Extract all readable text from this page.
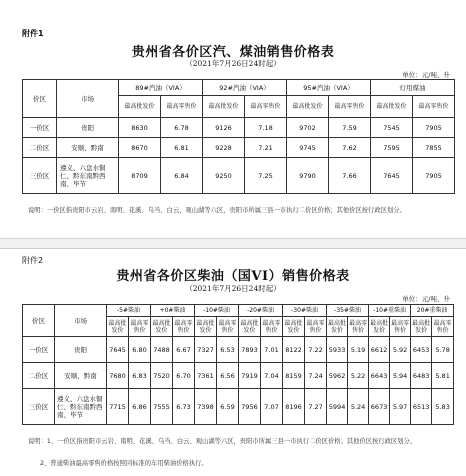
附件1
贵州省各价区汽、煤油销售价格表
（2021年7月26日24时起）
单位：元/吨、升
价区	市场	89#汽油（VIA）		92#汽油（VIA）		95#汽油（VIA）		灯用煤油	
		最高批发价	最高零售价	最高批发价	最高零售价	最高批发价	最高零售价	最高批发价	最高零售价
一价区	贵阳	8630	6.78	9126	7.18	9702	7.59	7545	7905
二价区	安顺、黔南	8670	6.81	9228	7.21	9745	7.62	7595	7855
三价区	遵义、六盘水铜仁、黔东南黔西南、毕节	8709	6.84	9250	7.25	9790	7.66	7645	7905
说明：一价区指贵阳市云岩、南明、花溪、乌当、白云、观山湖等六区，贵阳市所属三县一市执行二价区价格；其他价区按行政区划分。
附件2
贵州省各价区柴油（国VI）销售价格表
（2021年7月26日24时起）
单位：元/吨、升
价区	市场	-5#柴油		+0#柴油		-10#柴油		-20#柴油		-30#柴油		-35#柴油		-10#重柴油		20#重柴油	
		最高批发价	最高零售价	最高批发价	最高零售价	最高批发价	最高零售价	最高批发价	最高零售价	最高批发价	最高零售价	最高批发价	最高零售价	最高批发价	最高零售价	最高批发价	最高零售价
一价区	贵阳	7645	6.80	7488	6.67	7327	6.53	7893	7.01	8122	7.22	5933	5.19	6612	5.92	6453	5.78
二价区	安顺、黔南	7680	6.83	7520	6.70	7361	6.56	7919	7.04	8159	7.24	5962	5.22	6643	5.94	6483	5.81
三价区	遵义、六盘水铜仁、黔东南黔西南、毕节	7715	6.86	7555	6.73	7398	6.59	7956	7.07	8196	7.27	5994	5.24	6673	5.97	6513	5.83
说明：1、一价区指贵阳市云岩、南明、花溪、乌当、白云、观山湖等六区，贵阳市所属三县一市执行二价区价格；其他价区按行政区划分。
2、普通柴油最高零售价格按照同标准的车用柴油价格执行。
